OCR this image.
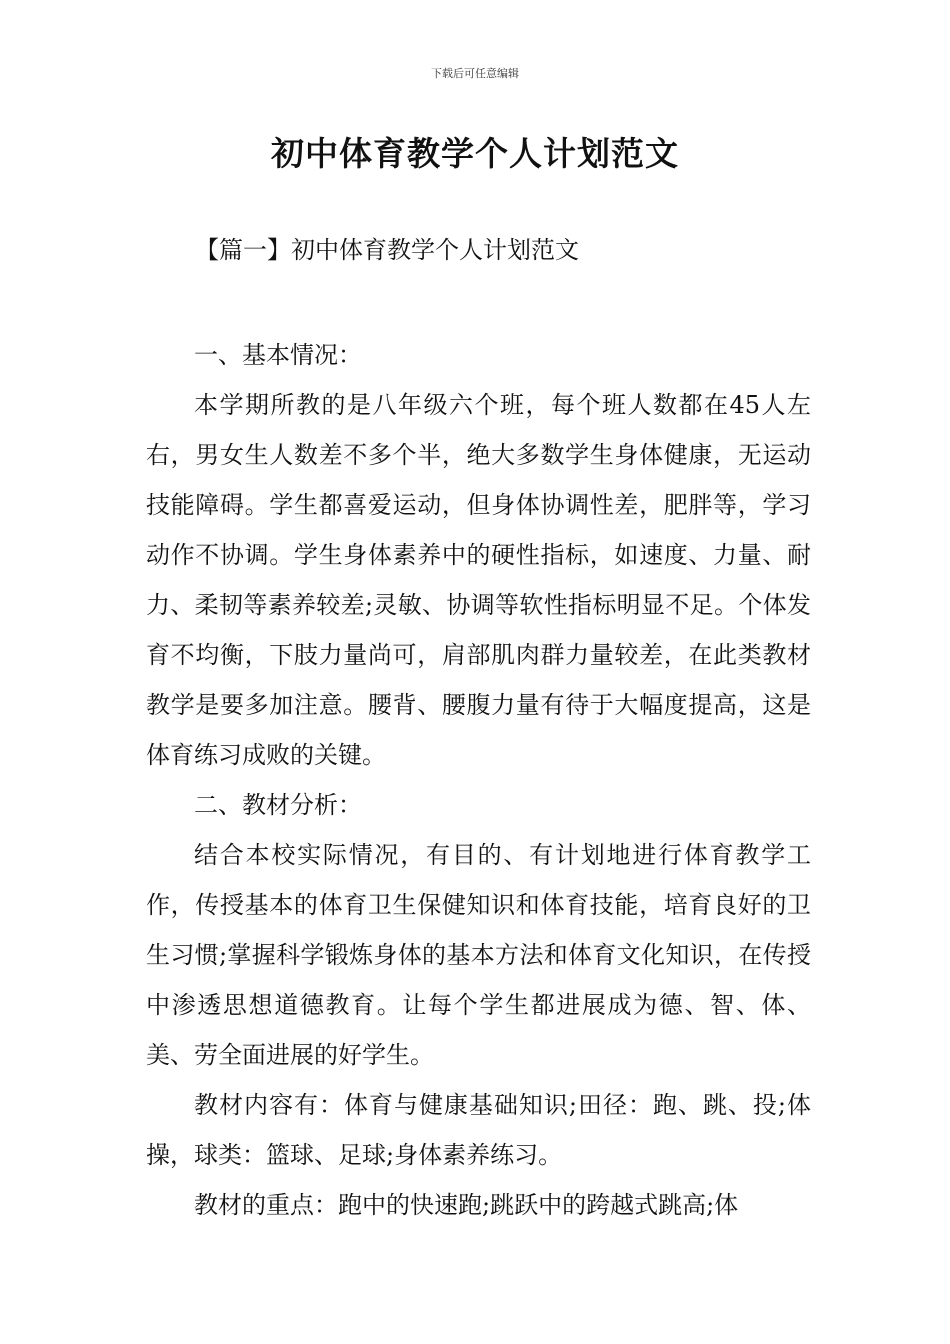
下载后可任意编辑
初中体育教学个人计划范文
【篇一】初中体育教学个人计划范文

一、基本情况：

本学期所教的是八年级六个班，每个班人数都在45人左右，男女生人数差不多个半，绝大多数学生身体健康，无运动技能障碍。学生都喜爱运动，但身体协调性差，肥胖等，学习动作不协调。学生身体素养中的硬性指标，如速度、力量、耐力、柔韧等素养较差;灵敏、协调等软性指标明显不足。个体发育不均衡，下肢力量尚可，肩部肌肉群力量较差，在此类教材教学是要多加注意。腰背、腰腹力量有待于大幅度提高，这是体育练习成败的关键。

二、教材分析：

结合本校实际情况，有目的、有计划地进行体育教学工作，传授基本的体育卫生保健知识和体育技能，培育良好的卫生习惯;掌握科学锻炼身体的基本方法和体育文化知识，在传授中渗透思想道德教育。让每个学生都进展成为德、智、体、美、劳全面进展的好学生。

教材内容有：体育与健康基础知识;田径：跑、跳、投;体操，球类：篮球、足球;身体素养练习。

教材的重点：跑中的快速跑;跳跃中的跨越式跳高;体
